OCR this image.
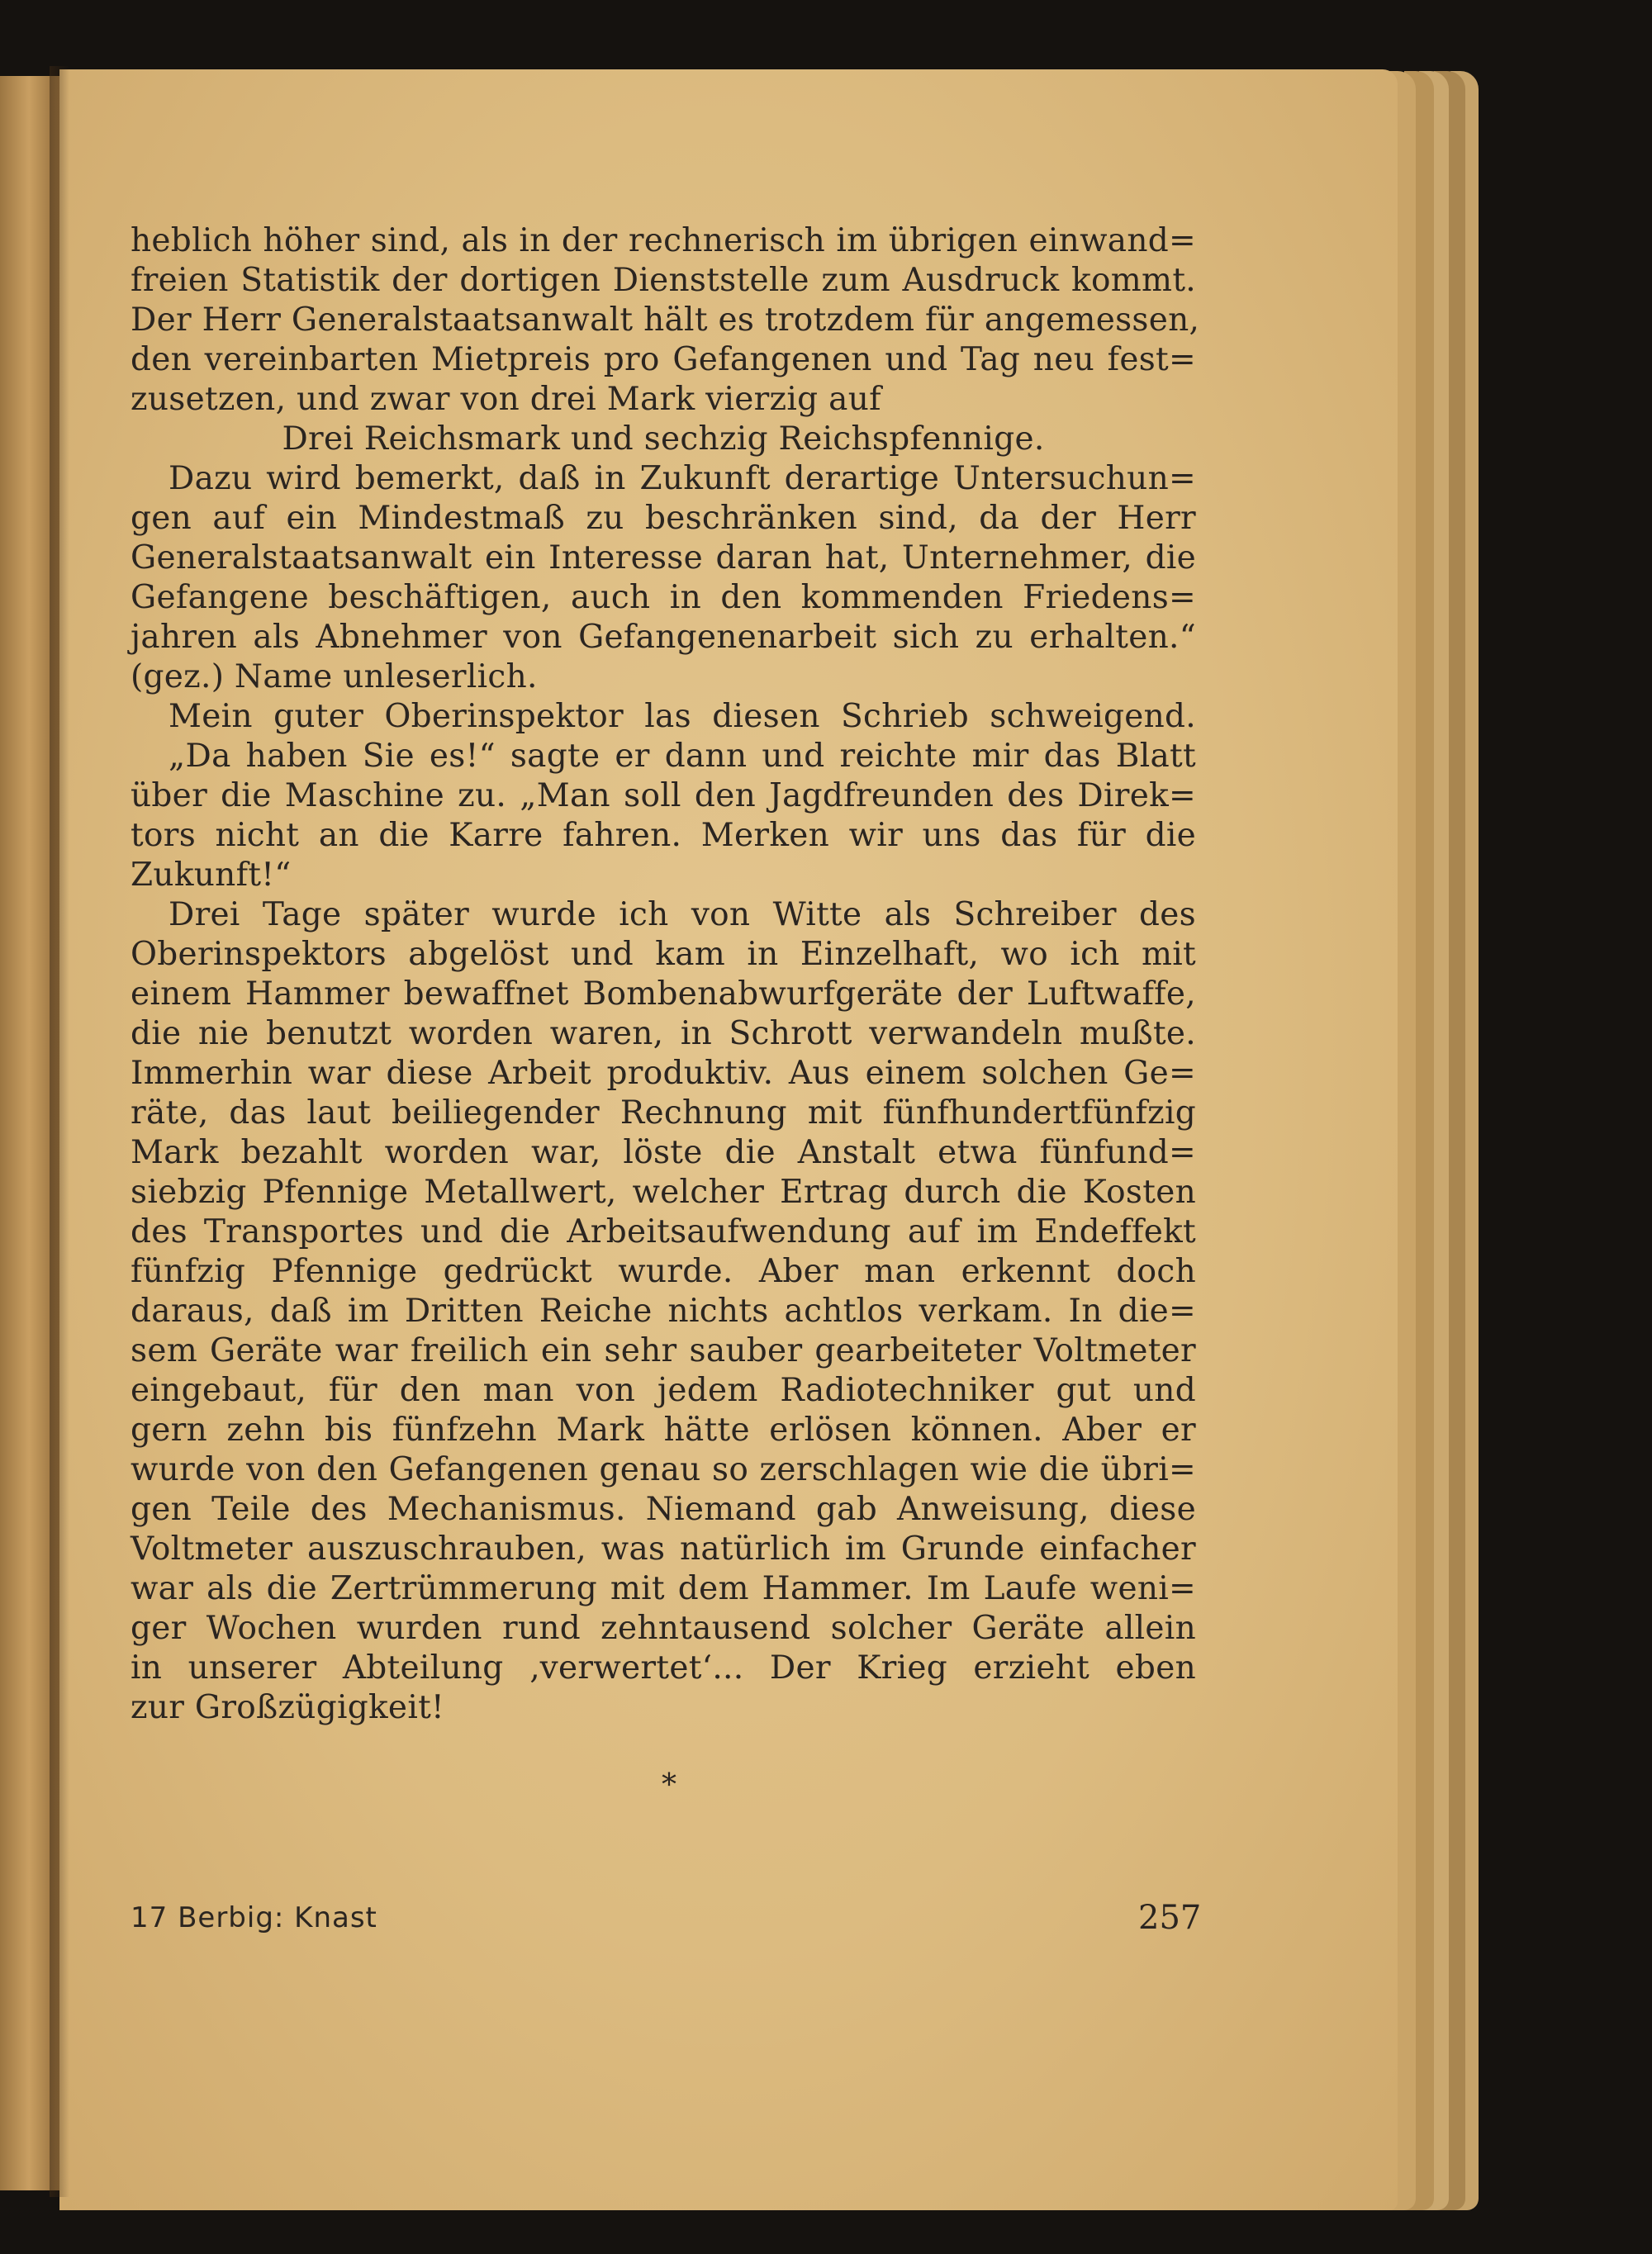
heblich höher sind, als in der rechnerisch im übrigen einwand=
freien Statistik der dortigen Dienststelle zum Ausdruck kommt.
Der Herr Generalstaatsanwalt hält es trotzdem für angemessen,
den vereinbarten Mietpreis pro Gefangenen und Tag neu fest=
zusetzen, und zwar von drei Mark vierzig auf
Drei Reichsmark und sechzig Reichspfennige.
Dazu wird bemerkt, daß in Zukunft derartige Untersuchun=
gen auf ein Mindestmaß zu beschränken sind, da der Herr
Generalstaatsanwalt ein Interesse daran hat, Unternehmer, die
Gefangene beschäftigen, auch in den kommenden Friedens=
jahren als Abnehmer von Gefangenenarbeit sich zu erhalten.“
(gez.) Name unleserlich.
Mein guter Oberinspektor las diesen Schrieb schweigend.
„Da haben Sie es!“ sagte er dann und reichte mir das Blatt
über die Maschine zu. „Man soll den Jagdfreunden des Direk=
tors nicht an die Karre fahren. Merken wir uns das für die
Zukunft!“
Drei Tage später wurde ich von Witte als Schreiber des
Oberinspektors abgelöst und kam in Einzelhaft, wo ich mit
einem Hammer bewaffnet Bombenabwurfgeräte der Luftwaffe,
die nie benutzt worden waren, in Schrott verwandeln mußte.
Immerhin war diese Arbeit produktiv. Aus einem solchen Ge=
räte, das laut beiliegender Rechnung mit fünfhundertfünfzig
Mark bezahlt worden war, löste die Anstalt etwa fünfund=
siebzig Pfennige Metallwert, welcher Ertrag durch die Kosten
des Transportes und die Arbeitsaufwendung auf im Endeffekt
fünfzig Pfennige gedrückt wurde. Aber man erkennt doch
daraus, daß im Dritten Reiche nichts achtlos verkam. In die=
sem Geräte war freilich ein sehr sauber gearbeiteter Voltmeter
eingebaut, für den man von jedem Radiotechniker gut und
gern zehn bis fünfzehn Mark hätte erlösen können. Aber er
wurde von den Gefangenen genau so zerschlagen wie die übri=
gen Teile des Mechanismus. Niemand gab Anweisung, diese
Voltmeter auszuschrauben, was natürlich im Grunde einfacher
war als die Zertrümmerung mit dem Hammer. Im Laufe weni=
ger Wochen wurden rund zehntausend solcher Geräte allein
in unserer Abteilung ‚verwertet‘... Der Krieg erzieht eben
zur Großzügigkeit!
*
17 Berbig: Knast	257
